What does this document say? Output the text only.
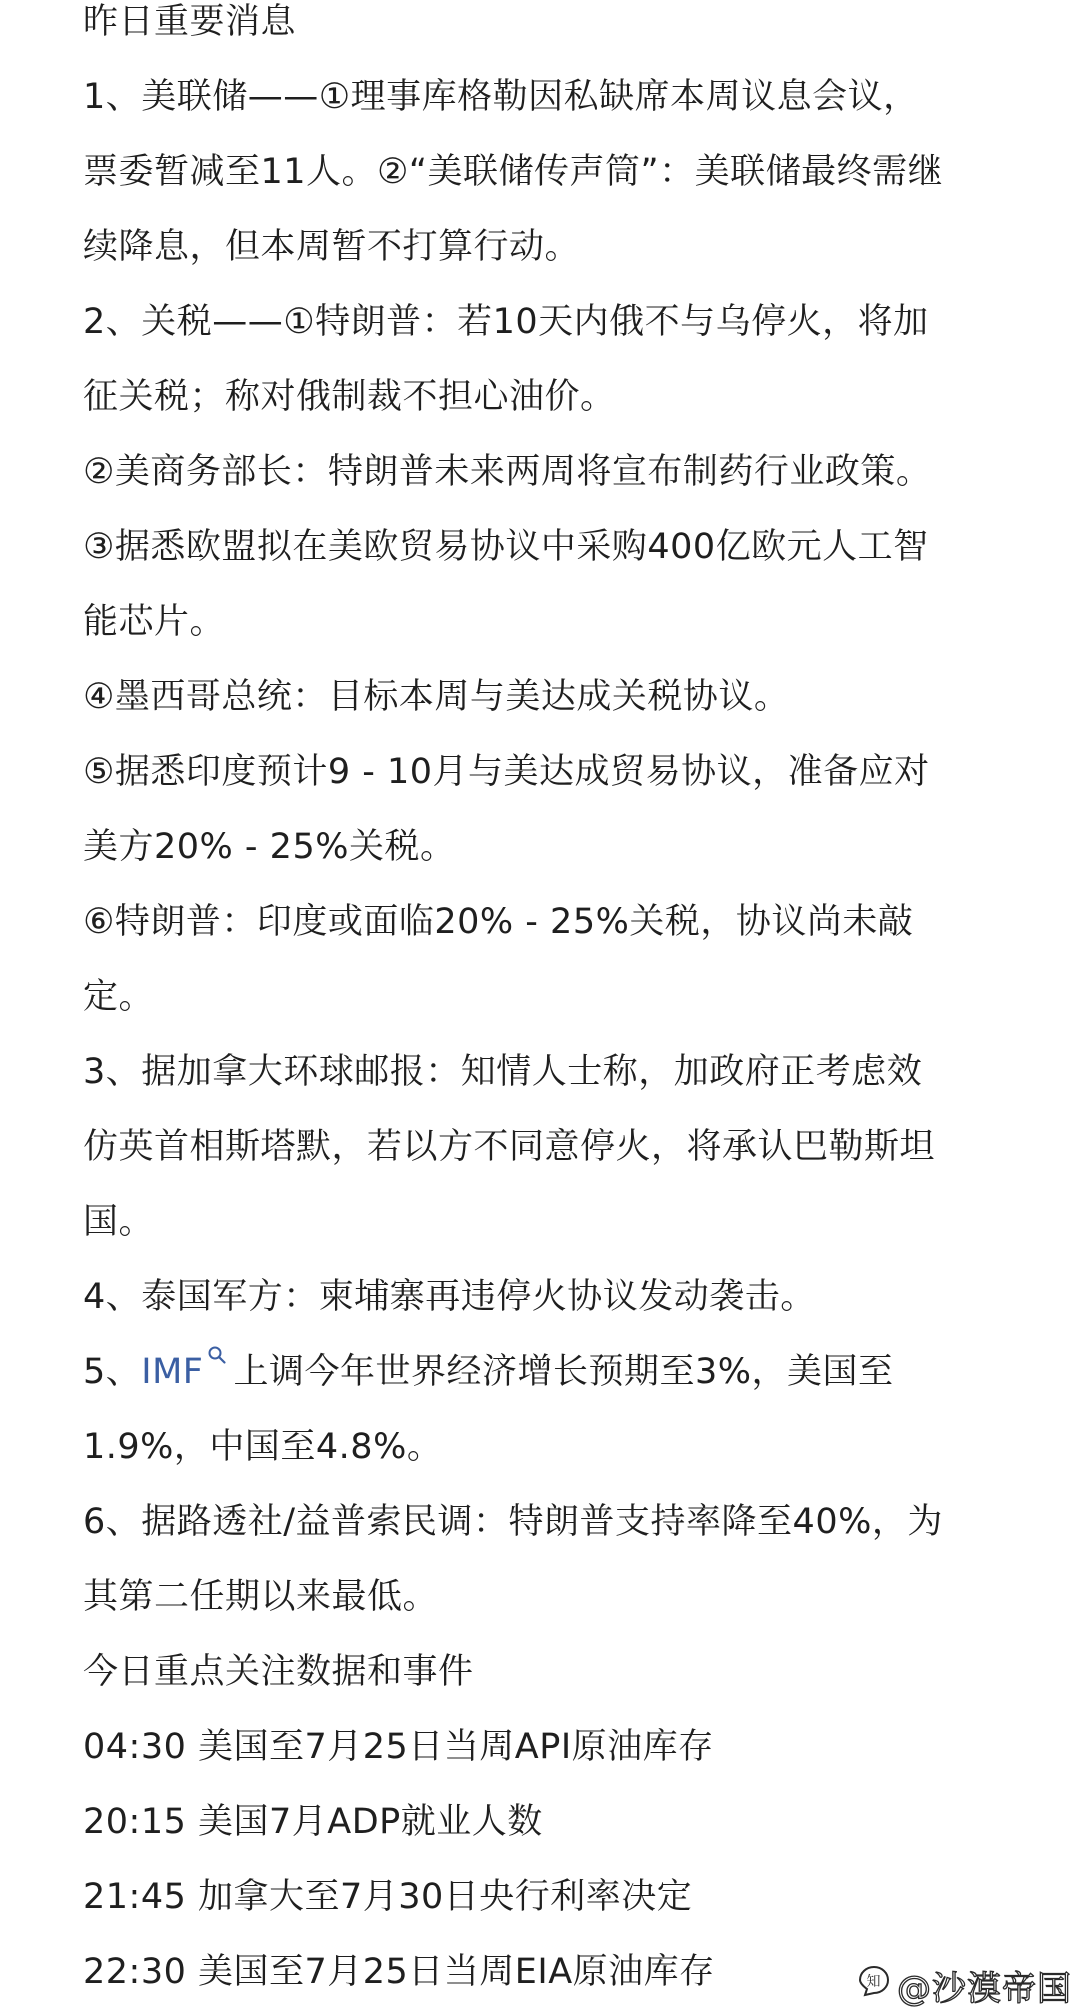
昨日重要消息
1、美联储——①理事库格勒因私缺席本周议息会议，
票委暂减至11人。②“美联储传声筒”：美联储最终需继
续降息，但本周暂不打算行动。
2、关税——①特朗普：若10天内俄不与乌停火，将加
征关税；称对俄制裁不担心油价。
②美商务部长：特朗普未来两周将宣布制药行业政策。
③据悉欧盟拟在美欧贸易协议中采购400亿欧元人工智
能芯片。
④墨西哥总统：目标本周与美达成关税协议。
⑤据悉印度预计9 - 10月与美达成贸易协议，准备应对
美方20% - 25%关税。
⑥特朗普：印度或面临20% - 25%关税，协议尚未敲
定。
3、据加拿大环球邮报：知情人士称，加政府正考虑效
仿英首相斯塔默，若以方不同意停火，将承认巴勒斯坦
国。
4、泰国军方：柬埔寨再违停火协议发动袭击。
5、IMF 上调今年世界经济增长预期至3%，美国至
1.9%，中国至4.8%。
6、据路透社/益普索民调：特朗普支持率降至40%，为
其第二任期以来最低。
今日重点关注数据和事件
04:30 美国至7月25日当周API原油库存
20:15 美国7月ADP就业人数
21:45 加拿大至7月30日央行利率决定
22:30 美国至7月25日当周EIA原油库存	知 @沙漠帝国
